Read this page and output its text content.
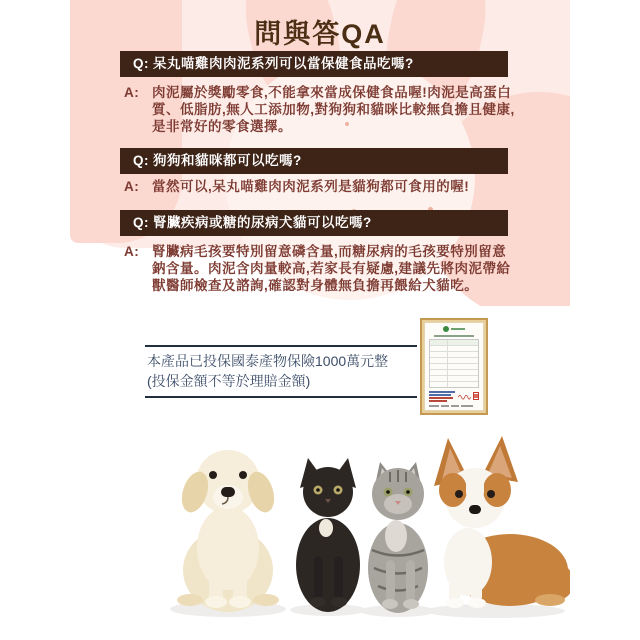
問與答QA
Q: 呆丸喵雞肉肉泥系列可以當保健食品吃嗎?
A: 肉泥屬於獎勵零食,不能拿來當成保健食品喔!肉泥是高蛋白質、低脂肪,無人工添加物,對狗狗和貓咪比較無負擔且健康,是非常好的零食選擇。
Q: 狗狗和貓咪都可以吃嗎?
A: 當然可以,呆丸喵雞肉肉泥系列是貓狗都可食用的喔!
Q: 腎臟疾病或糖的尿病犬貓可以吃嗎?
A: 腎臟病毛孩要特別留意磷含量,而糖尿病的毛孩要特別留意鈉含量。肉泥含肉量較高,若家長有疑慮,建議先將肉泥帶給獸醫師檢查及諮詢,確認對身體無負擔再餵給犬貓吃。
本產品已投保國泰產物保險1000萬元整
(投保金額不等於理賠金額)
